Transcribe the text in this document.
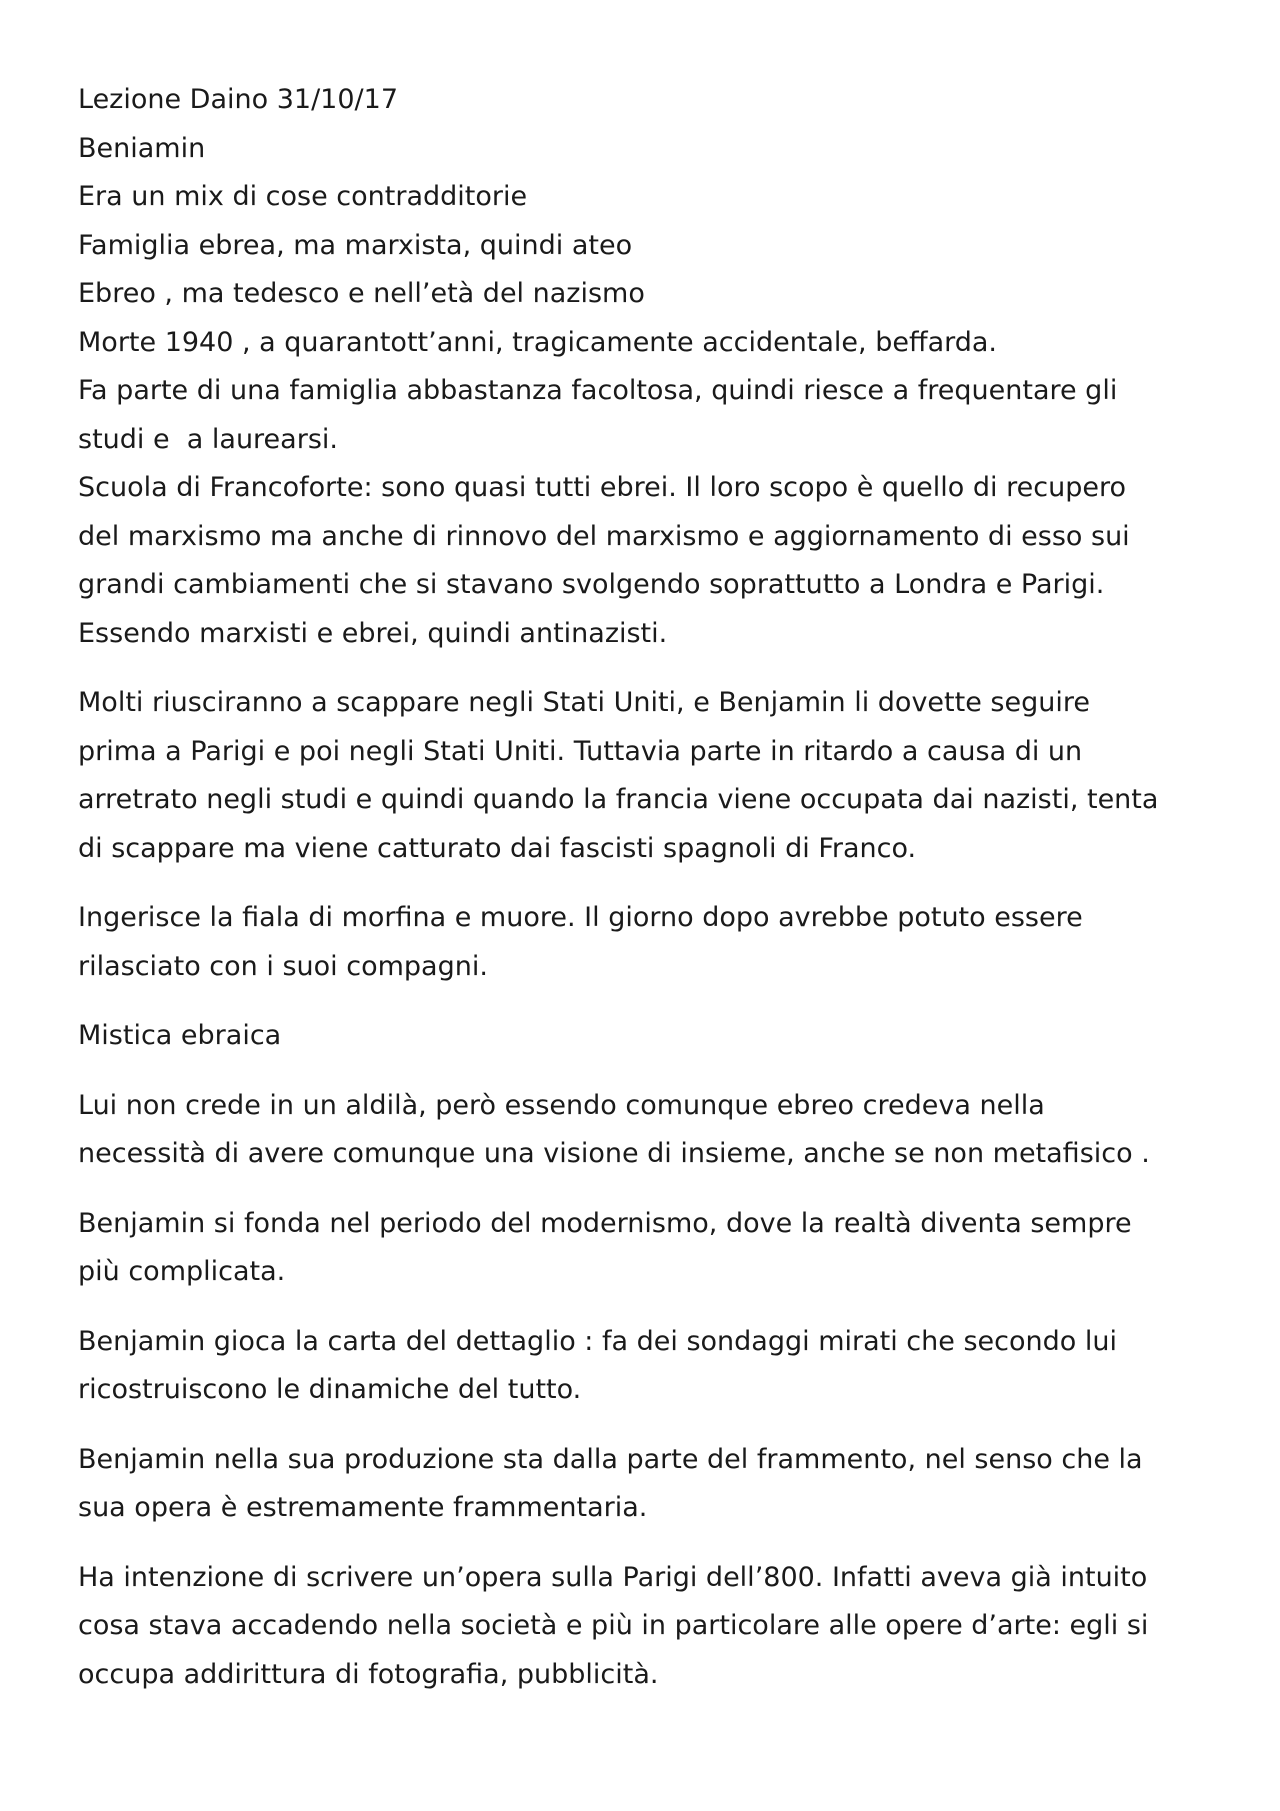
Lezione Daino 31/10/17

Beniamin

Era un mix di cose contradditorie

Famiglia ebrea, ma marxista, quindi ateo

Ebreo , ma tedesco e nell’età del nazismo

Morte 1940 , a quarantott’anni, tragicamente accidentale, beffarda.

Fa parte di una famiglia abbastanza facoltosa, quindi riesce a frequentare gli

studi e  a laurearsi.

Scuola di Francoforte: sono quasi tutti ebrei. Il loro scopo è quello di recupero

del marxismo ma anche di rinnovo del marxismo e aggiornamento di esso sui

grandi cambiamenti che si stavano svolgendo soprattutto a Londra e Parigi.

Essendo marxisti e ebrei, quindi antinazisti.

Molti riusciranno a scappare negli Stati Uniti, e Benjamin li dovette seguire

prima a Parigi e poi negli Stati Uniti. Tuttavia parte in ritardo a causa di un

arretrato negli studi e quindi quando la francia viene occupata dai nazisti, tenta

di scappare ma viene catturato dai fascisti spagnoli di Franco.

Ingerisce la fiala di morfina e muore. Il giorno dopo avrebbe potuto essere

rilasciato con i suoi compagni.

Mistica ebraica

Lui non crede in un aldilà, però essendo comunque ebreo credeva nella

necessità di avere comunque una visione di insieme, anche se non metafisico .

Benjamin si fonda nel periodo del modernismo, dove la realtà diventa sempre

più complicata.

Benjamin gioca la carta del dettaglio : fa dei sondaggi mirati che secondo lui

ricostruiscono le dinamiche del tutto.

Benjamin nella sua produzione sta dalla parte del frammento, nel senso che la

sua opera è estremamente frammentaria.

Ha intenzione di scrivere un’opera sulla Parigi dell’800. Infatti aveva già intuito

cosa stava accadendo nella società e più in particolare alle opere d’arte: egli si

occupa addirittura di fotografia, pubblicità.
